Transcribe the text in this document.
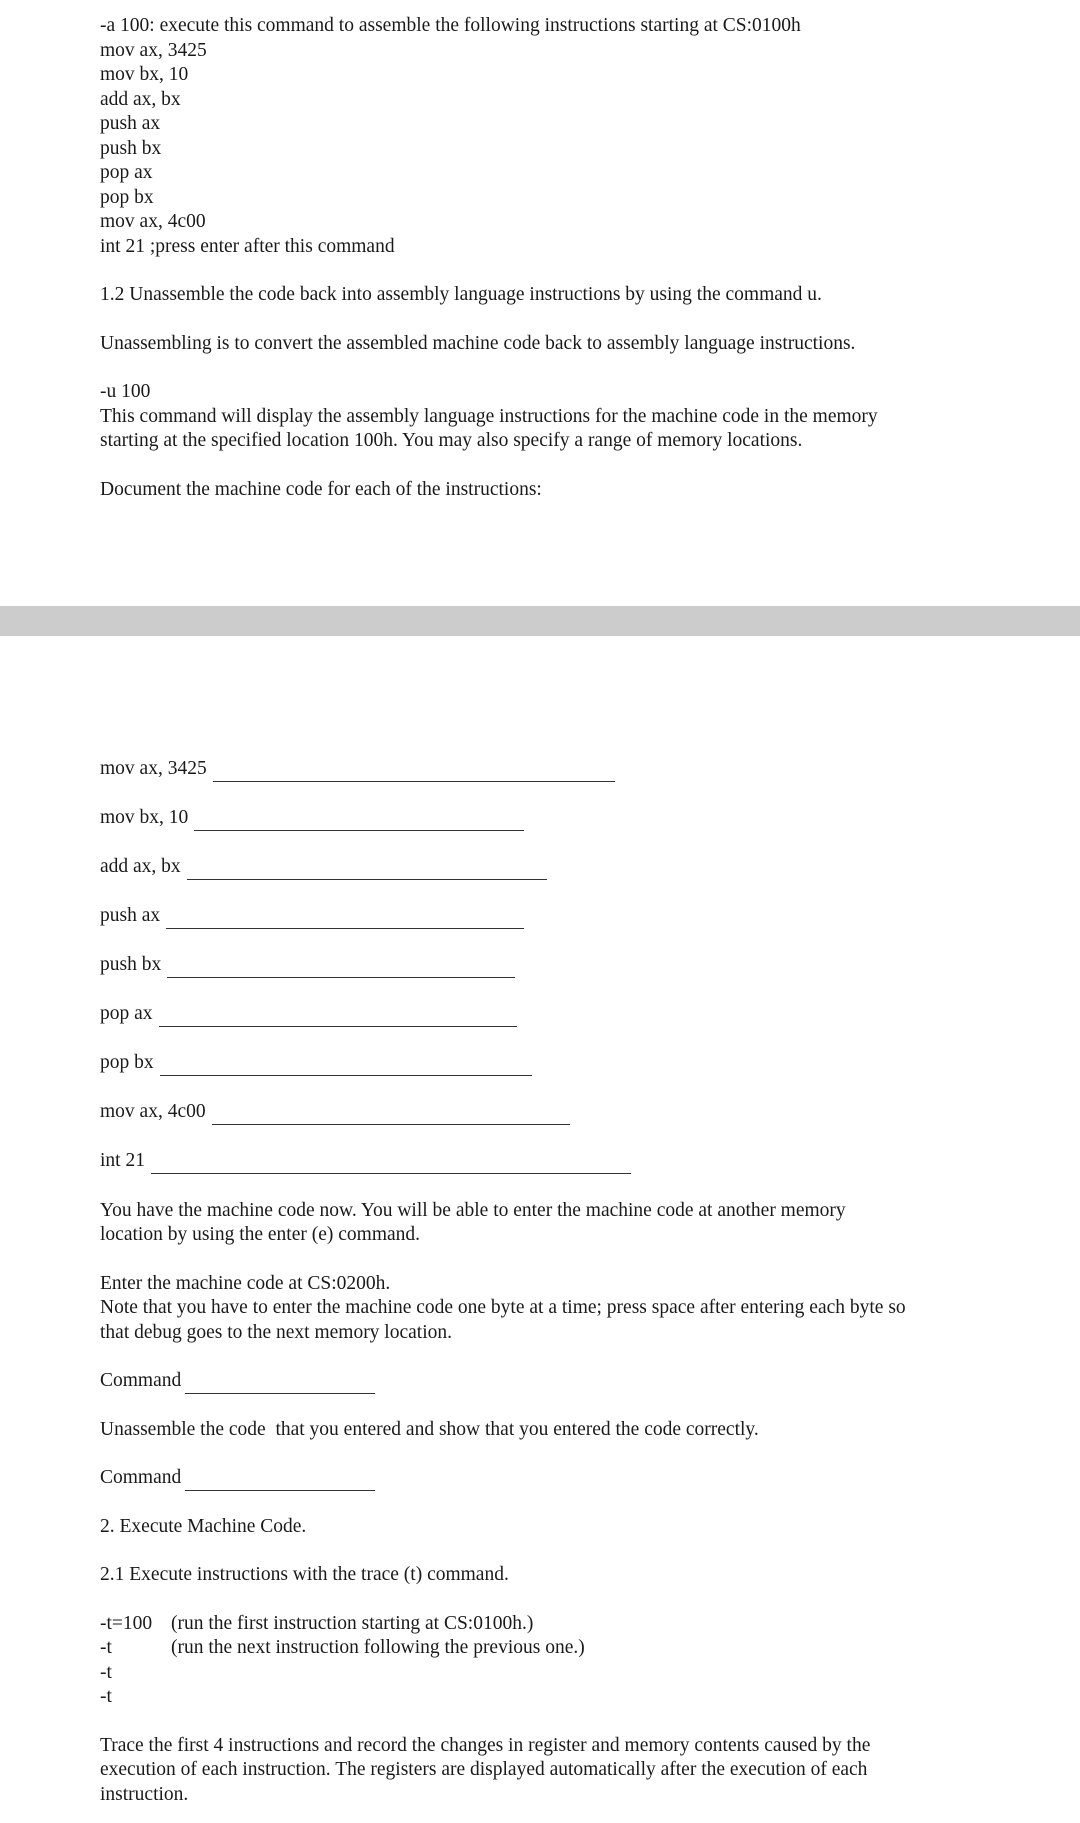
-a 100: execute this command to assemble the following instructions starting at CS:0100h
mov ax, 3425
mov bx, 10
add ax, bx
push ax
push bx
pop ax
pop bx
mov ax, 4c00
int 21 ;press enter after this command
1.2 Unassemble the code back into assembly language instructions by using the command u.
Unassembling is to convert the assembled machine code back to assembly language instructions.
-u 100
This command will display the assembly language instructions for the machine code in the memory
starting at the specified location 100h. You may also specify a range of memory locations.
Document the machine code for each of the instructions:
mov ax, 3425
mov bx, 10
add ax, bx
push ax
push bx
pop ax
pop bx
mov ax, 4c00
int 21
You have the machine code now. You will be able to enter the machine code at another memory
location by using the enter (e) command.
Enter the machine code at CS:0200h.
Note that you have to enter the machine code one byte at a time; press space after entering each byte so
that debug goes to the next memory location.
Command
Unassemble the code  that you entered and show that you entered the code correctly.
Command
2. Execute Machine Code.
2.1 Execute instructions with the trace (t) command.
-t=100 (run the first instruction starting at CS:0100h.)
-t	(run the next instruction following the previous one.)
-t
-t
Trace the first 4 instructions and record the changes in register and memory contents caused by the
execution of each instruction. The registers are displayed automatically after the execution of each
instruction.
